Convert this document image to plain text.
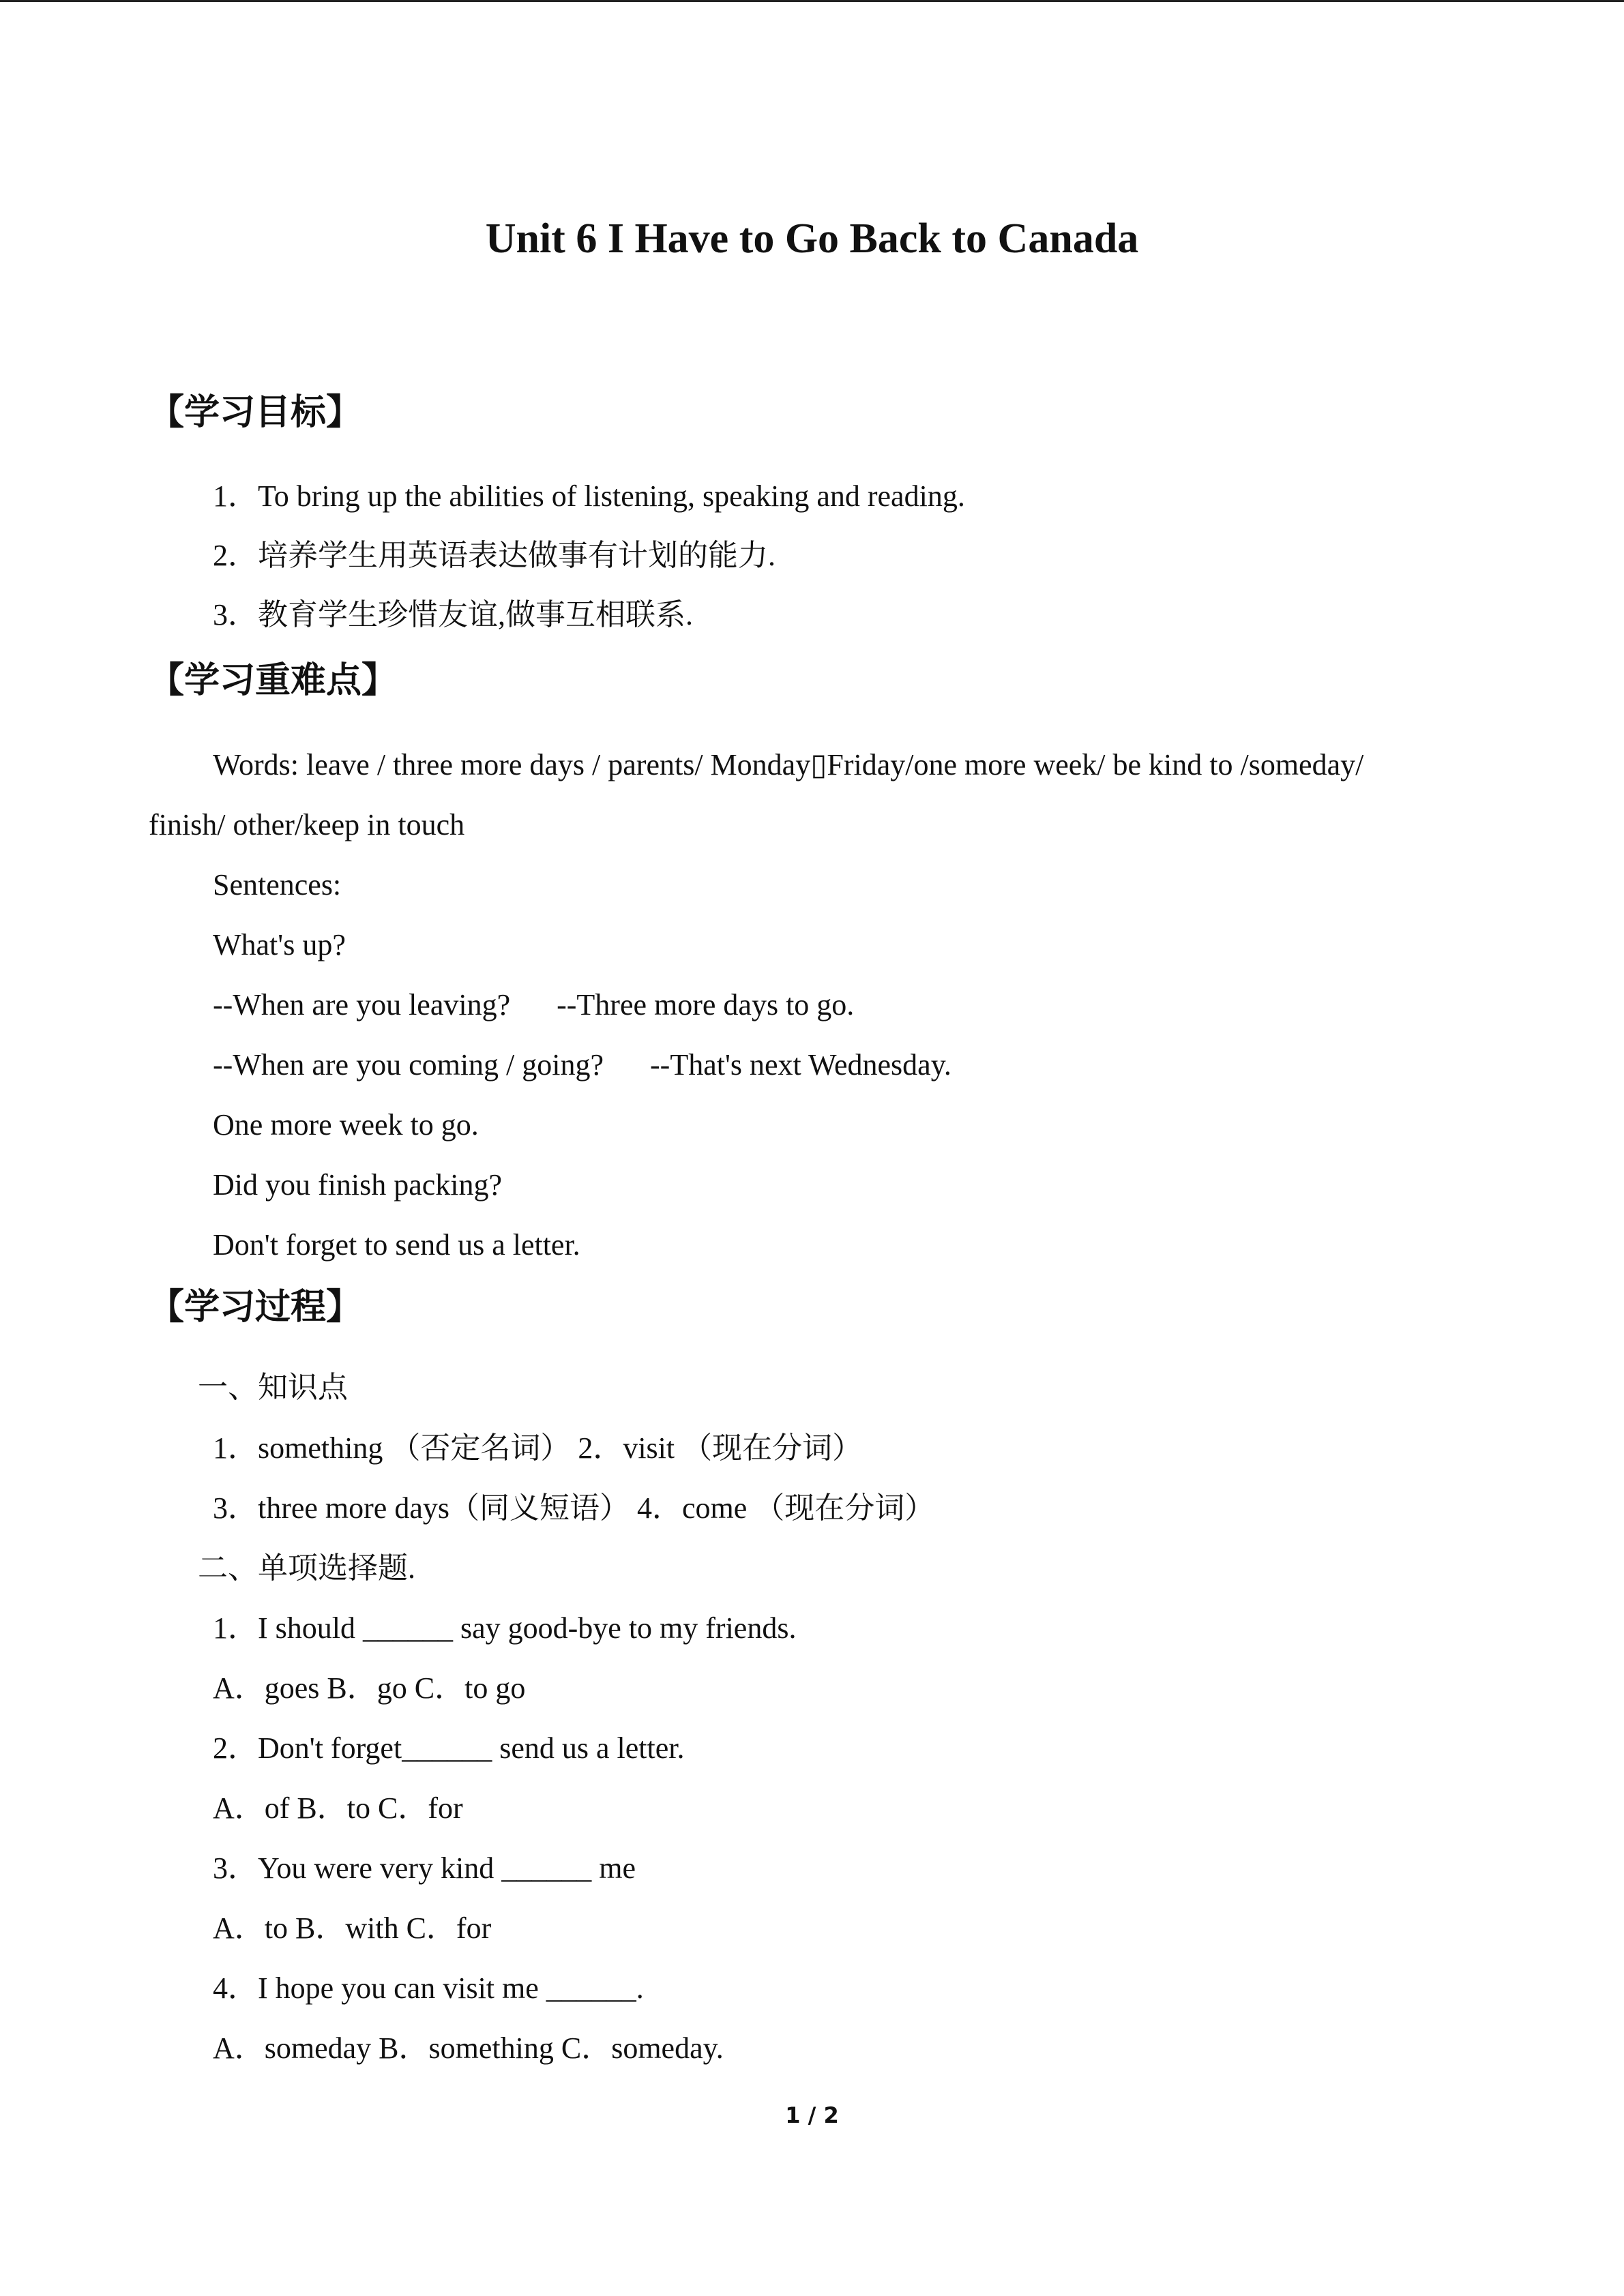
Unit 6 I Have to Go Back to Canada
【学习目标】

1．To bring up the abilities of listening, speaking and reading.

2．培养学生用英语表达做事有计划的能力.

3．教育学生珍惜友谊,做事互相联系.

【学习重难点】

Words: leave / three more days / parents/ Monday▯Friday/one more week/ be kind to /someday/

finish/ other/keep in touch

Sentences:

What's up?

--When are you leaving? --Three more days to go.

--When are you coming / going? --That's next Wednesday.

One more week to go.

Did you finish packing?

Don't forget to send us a letter.

【学习过程】

一、知识点

1．something （否定名词） 2．visit （现在分词）

3．three more days（同义短语） 4．come （现在分词）

二、单项选择题.

1．I should ______ say good-bye to my friends.

A．goes B．go C．to go

2．Don't forget______ send us a letter.

A．of B．to C．for

3．You were very kind ______ me

A．to B．with C．for

4．I hope you can visit me ______.

A．someday B．something C．someday.

1 / 2
